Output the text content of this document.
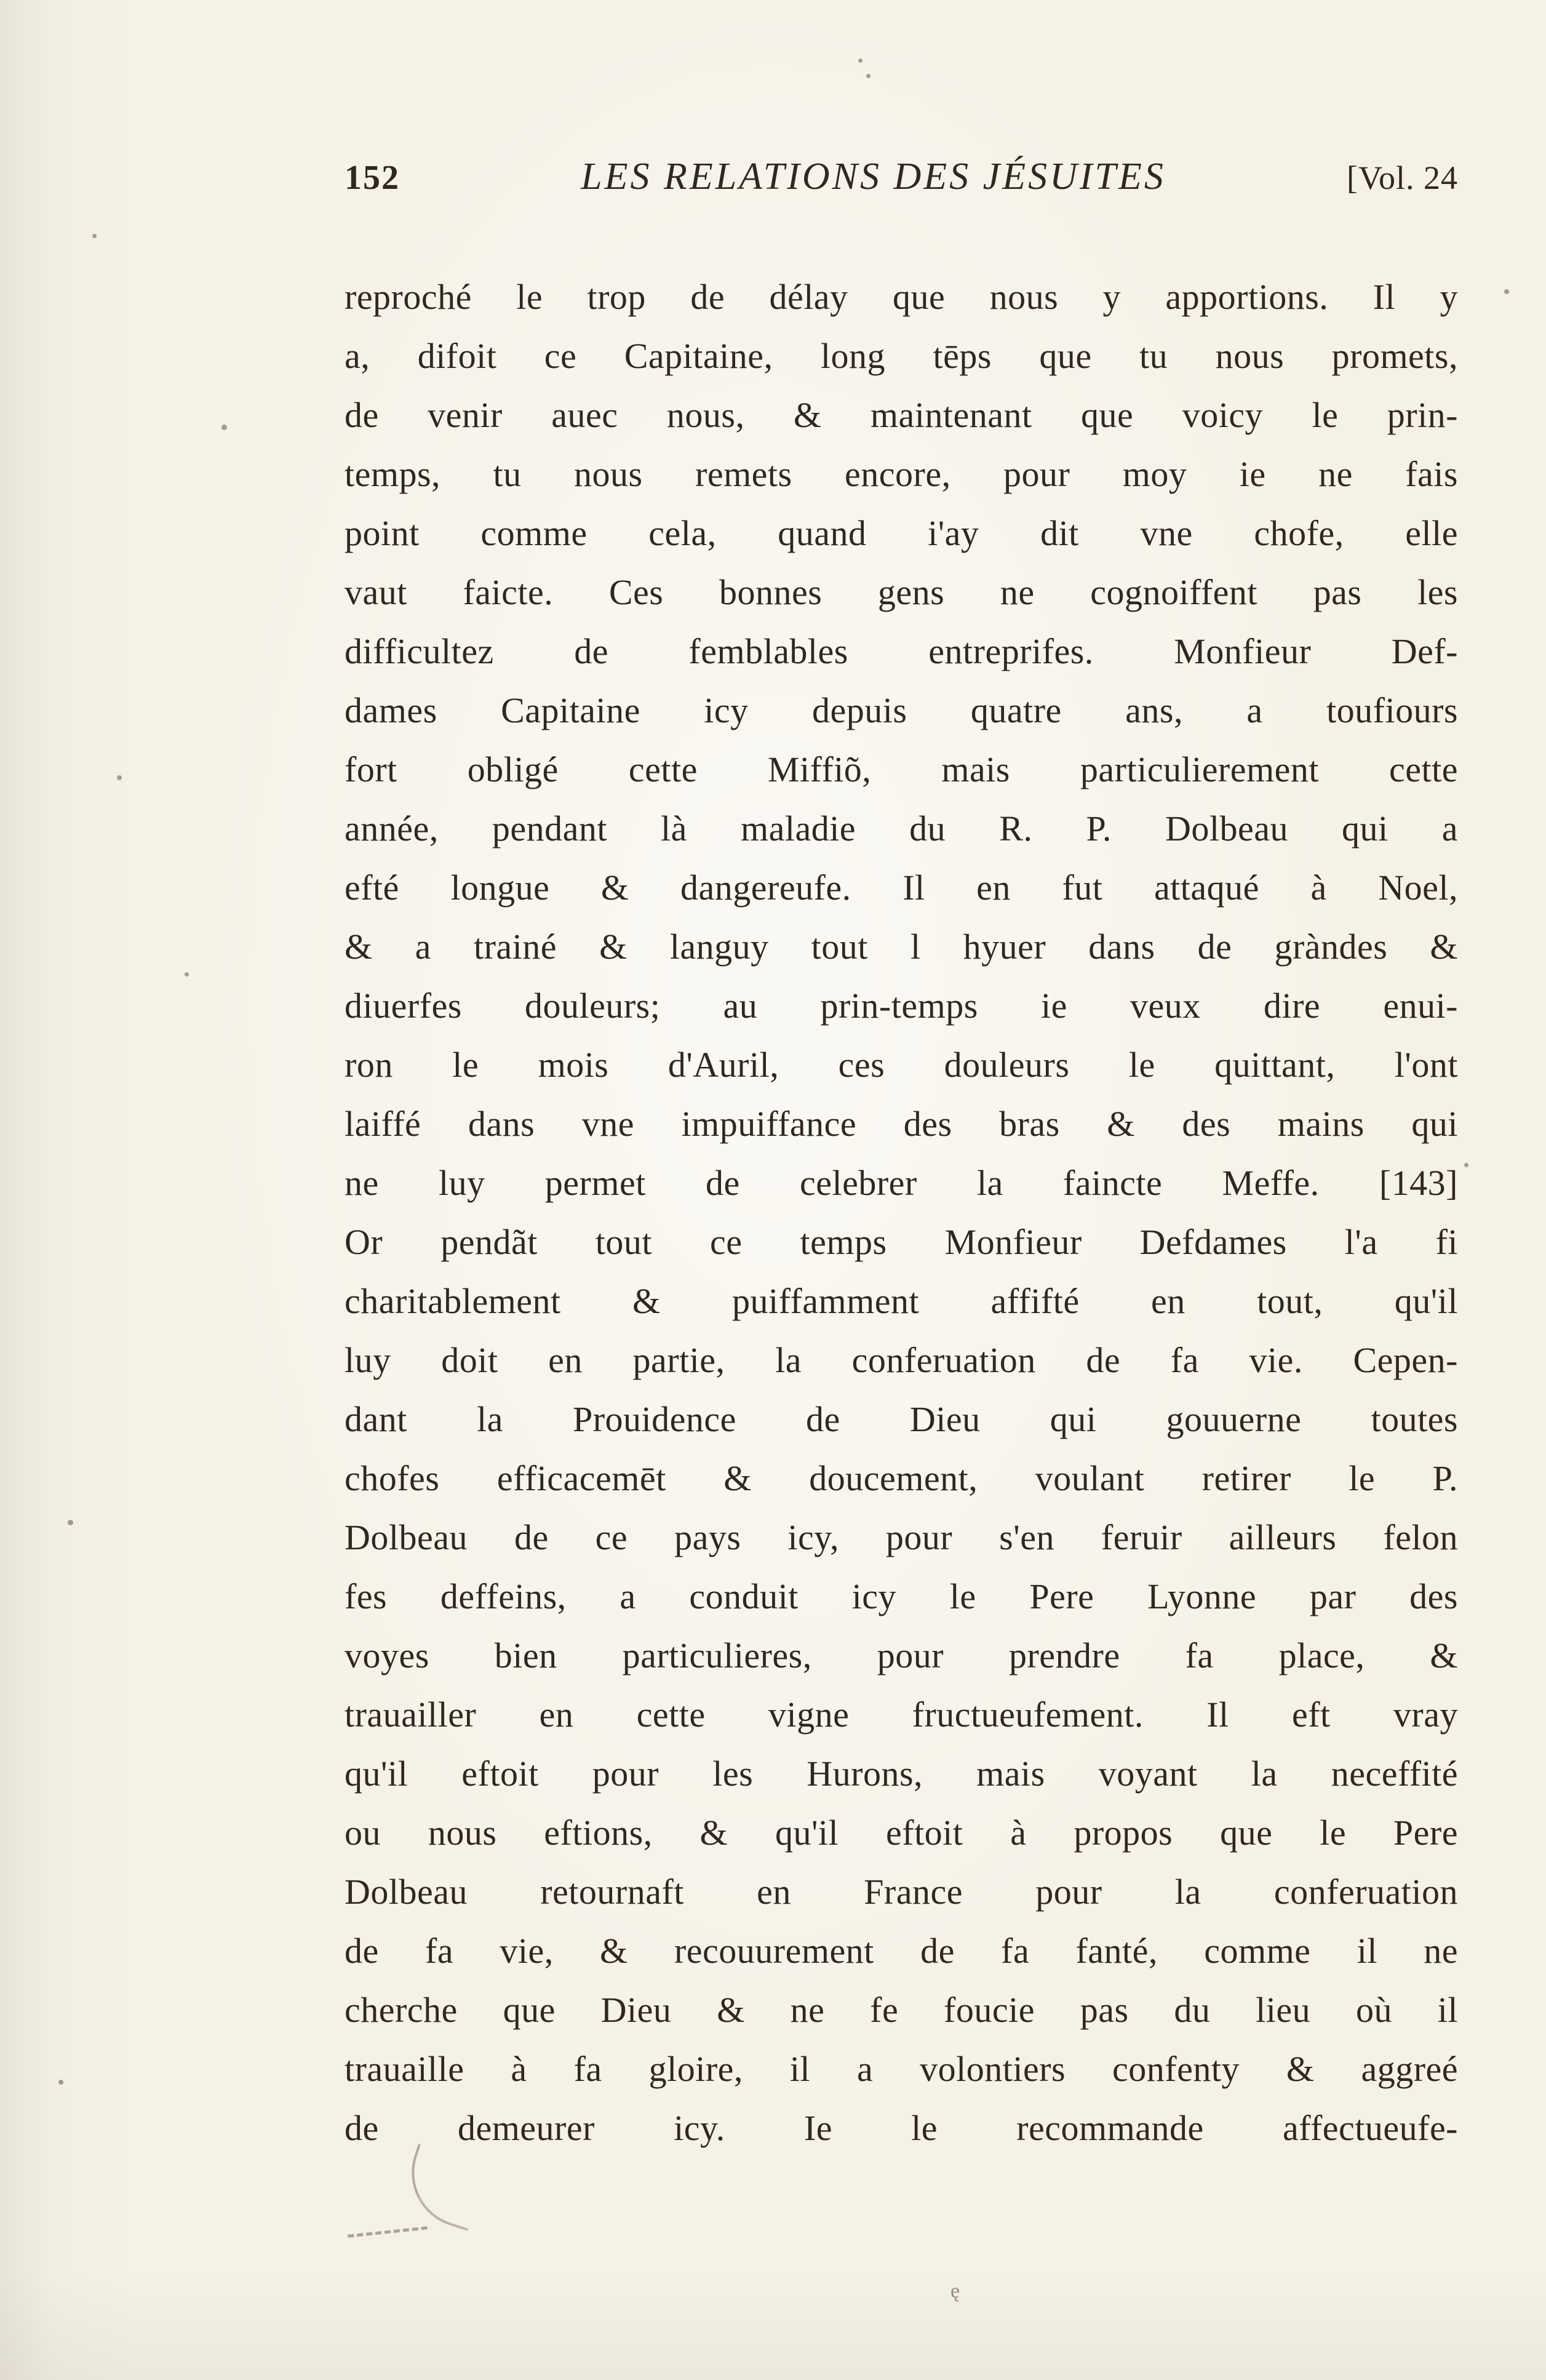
152	LES RELATIONS DES JÉSUITES	[Vol. 24
reproché le trop de délay que nous y apportions. Il y
a, difoit ce Capitaine, long tēps que tu nous promets,
de venir auec nous, & maintenant que voicy le prin-
temps, tu nous remets encore, pour moy ie ne fais
point comme cela, quand i'ay dit vne chofe, elle
vaut faicte. Ces bonnes gens ne cognoiffent pas les
difficultez de femblables entreprifes. Monfieur Def-
dames Capitaine icy depuis quatre ans, a toufiours
fort obligé cette Miffiõ, mais particulierement cette
année, pendant là maladie du R. P. Dolbeau qui a
efté longue & dangereufe. Il en fut attaqué à Noel,
& a trainé & languy tout l hyuer dans de gràndes &
diuerfes douleurs; au prin-temps ie veux dire enui-
ron le mois d'Auril, ces douleurs le quittant, l'ont
laiffé dans vne impuiffance des bras & des mains qui
ne luy permet de celebrer la faincte Meffe. [143]
Or pendãt tout ce temps Monfieur Defdames l'a fi
charitablement & puiffamment affifté en tout, qu'il
luy doit en partie, la conferuation de fa vie. Cepen-
dant la Prouidence de Dieu qui gouuerne toutes
chofes efficacemēt & doucement, voulant retirer le P.
Dolbeau de ce pays icy, pour s'en feruir ailleurs felon
fes deffeins, a conduit icy le Pere Lyonne par des
voyes bien particulieres, pour prendre fa place, &
trauailler en cette vigne fructueufement. Il eft vray
qu'il eftoit pour les Hurons, mais voyant la neceffité
ou nous eftions, & qu'il eftoit à propos que le Pere
Dolbeau retournaft en France pour la conferuation
de fa vie, & recouurement de fa fanté, comme il ne
cherche que Dieu & ne fe foucie pas du lieu où il
trauaille à fa gloire, il a volontiers confenty & aggreé
de demeurer icy. Ie le recommande affectueufe-
ę
